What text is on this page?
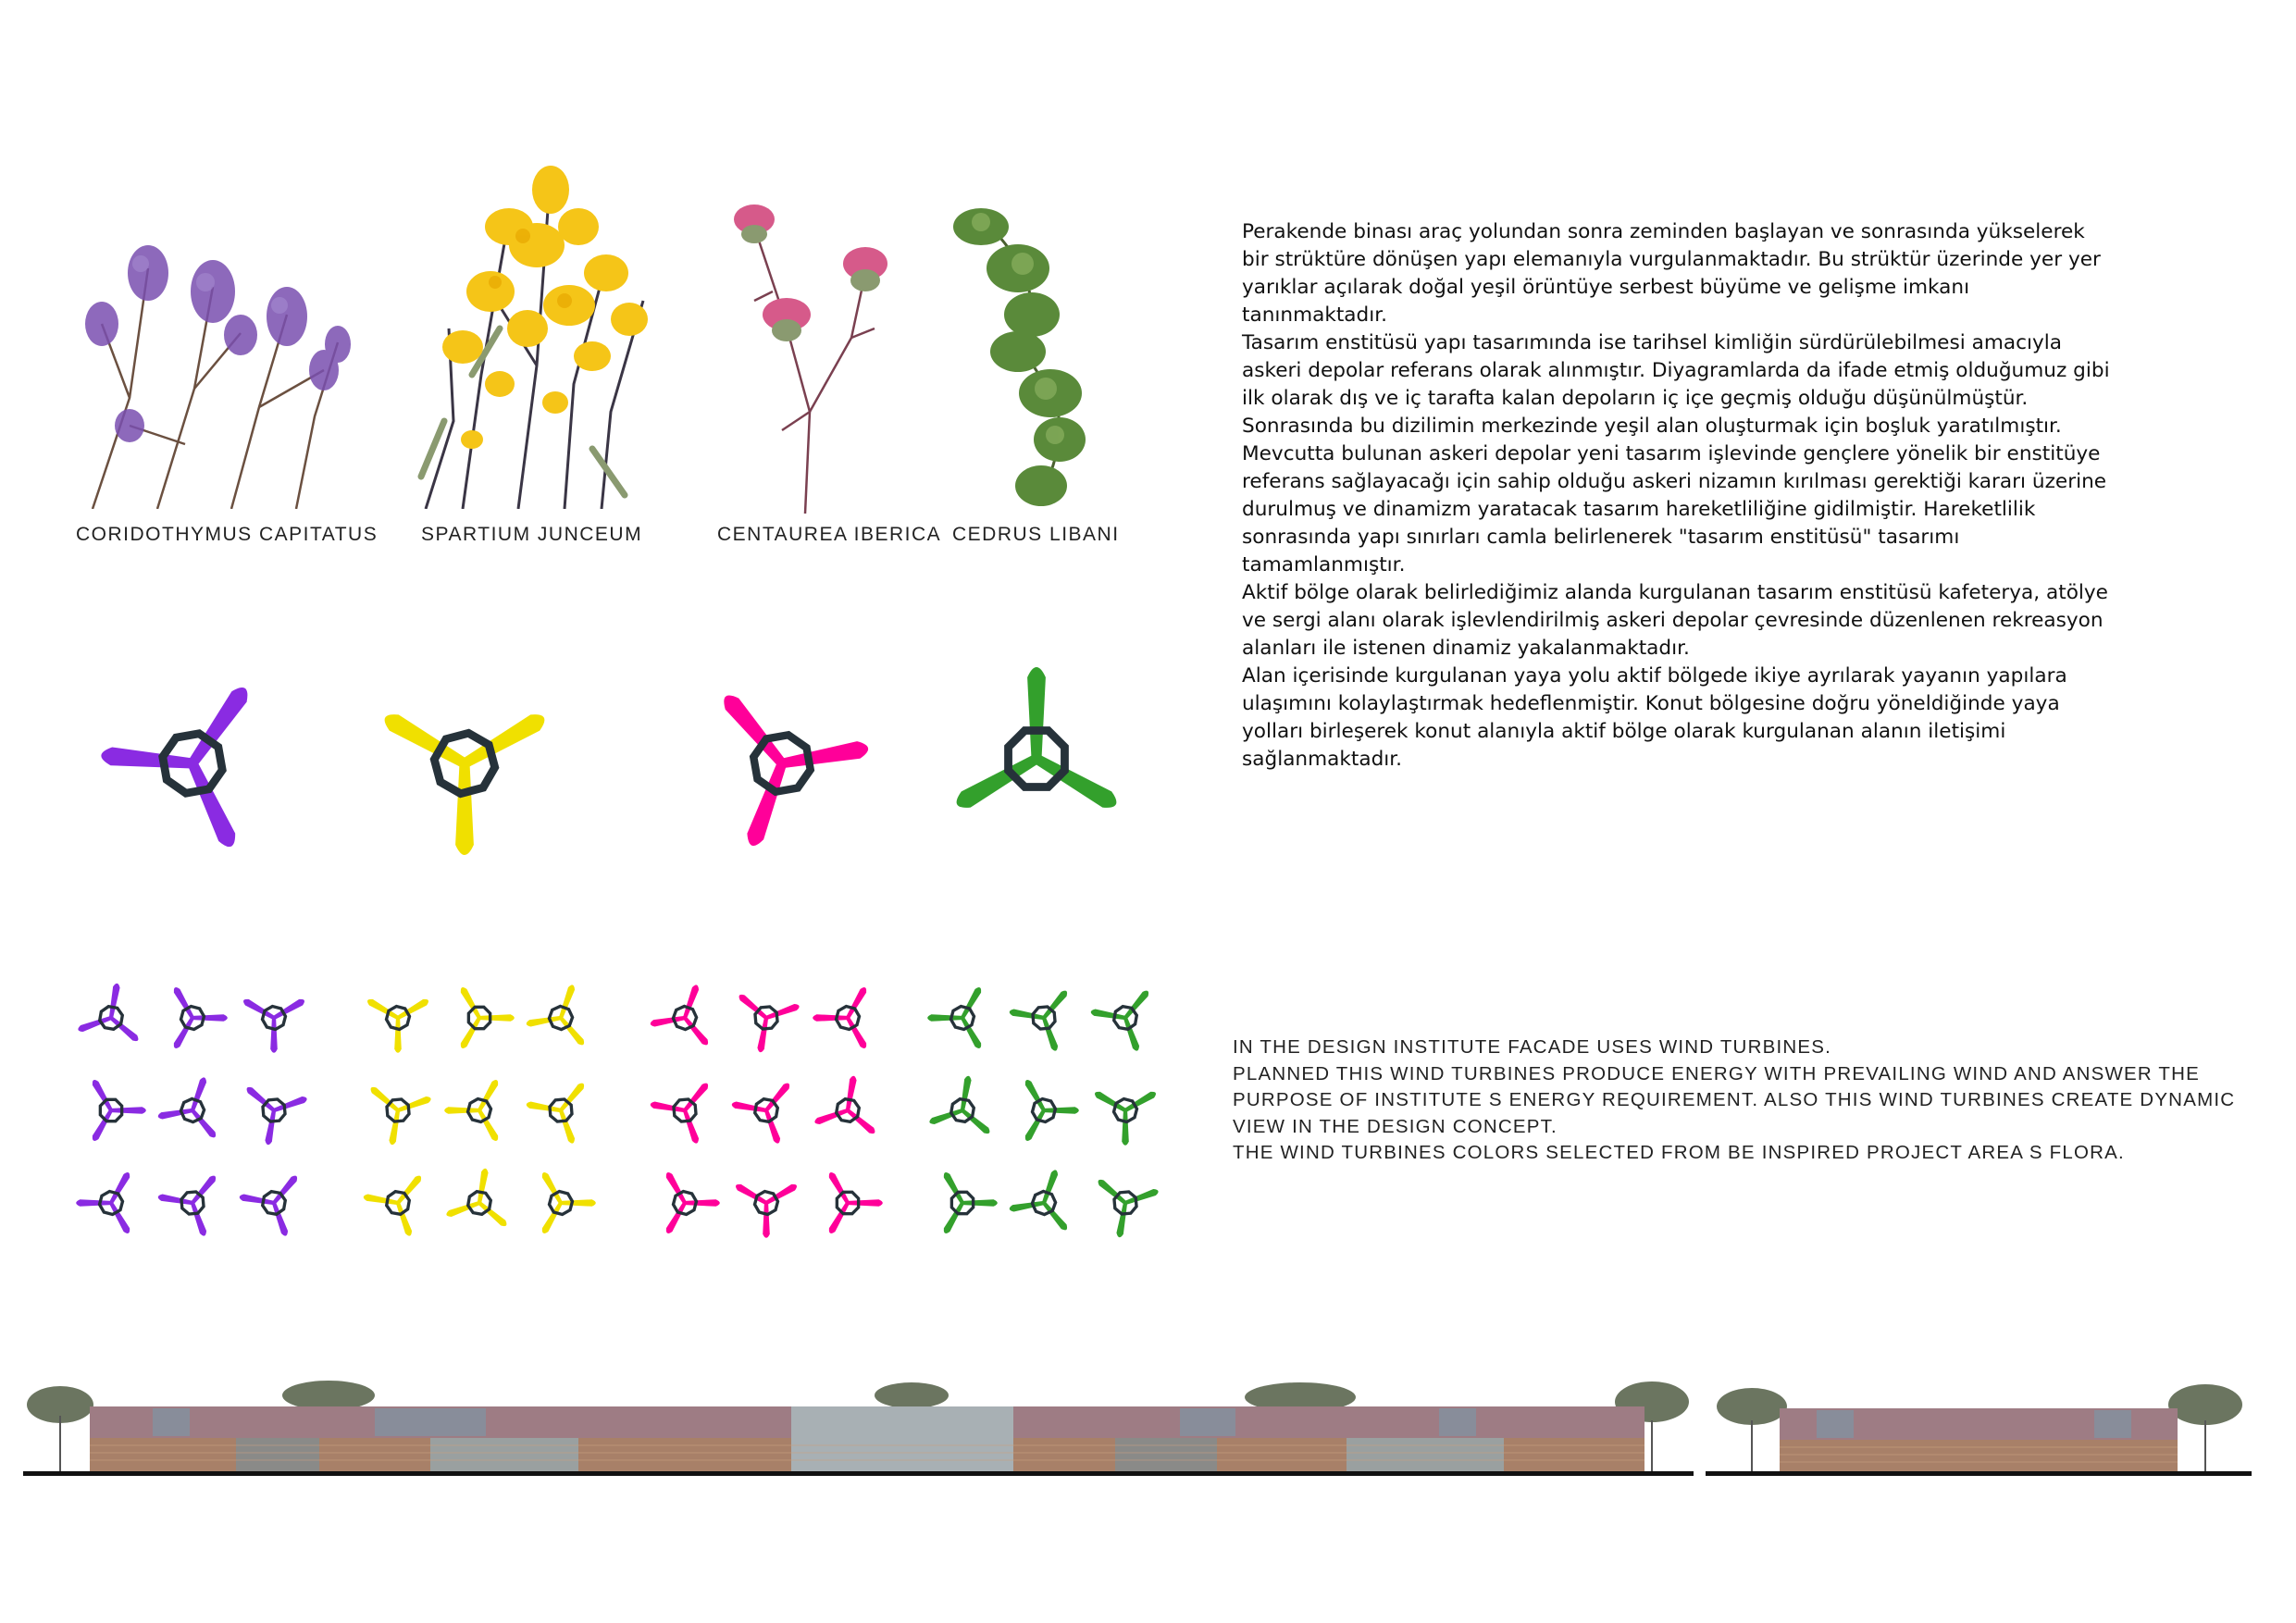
CORIDOTHYMUS CAPITATUS SPARTIUM JUNCEUM	CENTAUREA IBERICA CEDRUS LIBANI

Perakende binası araç yolundan sonra zeminden başlayan ve sonrasında yükselerek bir strüktüre dönüşen yapı elemanıyla vurgulanmaktadır. Bu strüktür üzerinde yer yer yarıklar açılarak doğal yeşil örüntüye serbest büyüme ve gelişme imkanı tanınmaktadır.

Tasarım enstitüsü yapı tasarımında ise tarihsel kimliğin sürdürülebilmesi amacıyla askeri depolar referans olarak alınmıştır. Diyagramlarda da ifade etmiş olduğumuz gibi ilk olarak dış ve iç tarafta kalan depoların iç içe geçmiş olduğu düşünülmüştür. Sonrasında bu dizilimin merkezinde yeşil alan oluşturmak için boşluk yaratılmıştır. Mevcutta bulunan askeri depolar yeni tasarım işlevinde gençlere yönelik bir enstitüye referans sağlayacağı için sahip olduğu askeri nizamın kırılması gerektiği kararı üzerine durulmuş ve dinamizm yaratacak tasarım hareketliliğine gidilmiştir. Hareketlilik sonrasında yapı sınırları camla belirlenerek "tasarım enstitüsü" tasarımı tamamlanmıştır.

Aktif bölge olarak belirlediğimiz alanda kurgulanan tasarım enstitüsü kafeterya, atölye ve sergi alanı olarak işlevlendirilmiş askeri depolar çevresinde düzenlenen rekreasyon alanları ile istenen dinamiz yakalanmaktadır.

Alan içerisinde kurgulanan yaya yolu aktif bölgede ikiye ayrılarak yayanın yapılara ulaşımını kolaylaştırmak hedeflenmiştir. Konut bölgesine doğru yöneldiğinde yaya yolları birleşerek konut alanıyla aktif bölge olarak kurgulanan alanın iletişimi sağlanmaktadır.

IN THE DESIGN INSTITUTE FACADE USES WIND TURBINES.

PLANNED THIS WIND TURBINES PRODUCE ENERGY WITH PREVAILING WIND AND ANSWER THE PURPOSE OF INSTITUTE S ENERGY REQUIREMENT. ALSO THIS WIND TURBINES CREATE DYNAMIC VIEW IN THE DESIGN CONCEPT.

THE WIND TURBINES COLORS SELECTED FROM BE INSPIRED PROJECT AREA S FLORA.
